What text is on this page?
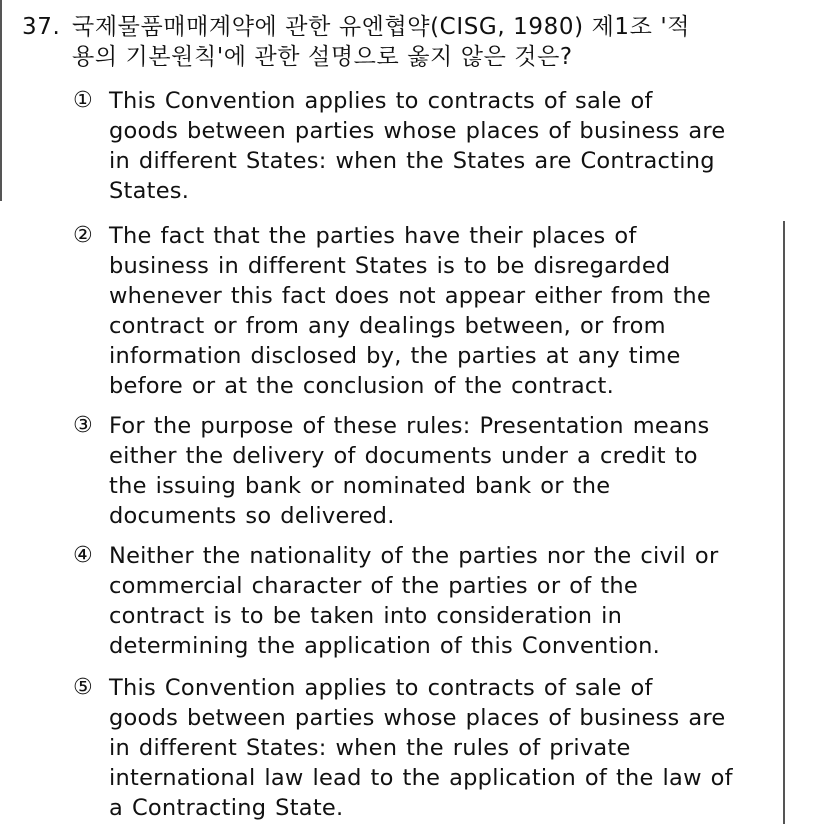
37. 국제물품매매계약에 관한 유엔협약(CISG, 1980) 제1조 '적
용의 기본원칙'에 관한 설명으로 옳지 않은 것은?
① This Convention applies to contracts of sale of
goods between parties whose places of business are
in different States: when the States are Contracting
States.
② The fact that the parties have their places of
business in different States is to be disregarded
whenever this fact does not appear either from the
contract or from any dealings between, or from
information disclosed by, the parties at any time
before or at the conclusion of the contract.
③ For the purpose of these rules: Presentation means
either the delivery of documents under a credit to
the issuing bank or nominated bank or the
documents so delivered.
④ Neither the nationality of the parties nor the civil or
commercial character of the parties or of the
contract is to be taken into consideration in
determining the application of this Convention.
⑤ This Convention applies to contracts of sale of
goods between parties whose places of business are
in different States: when the rules of private
international law lead to the application of the law of
a Contracting State.
